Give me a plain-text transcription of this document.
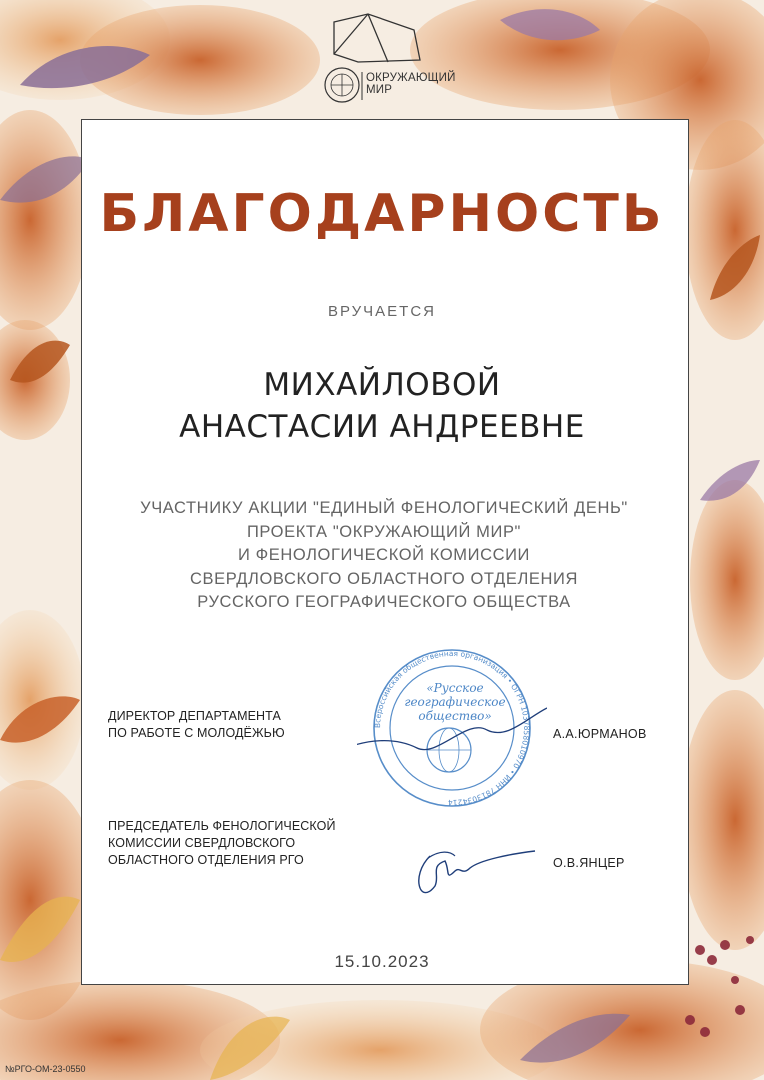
ОКРУЖАЮЩИЙ
МИР
БЛАГОДАРНОСТЬ
ВРУЧАЕТСЯ
МИХАЙЛОВОЙ
АНАСТАСИИ АНДРЕЕВНЕ
УЧАСТНИКУ АКЦИИ "ЕДИНЫЙ ФЕНОЛОГИЧЕСКИЙ ДЕНЬ"
ПРОЕКТА "ОКРУЖАЮЩИЙ МИР"
И ФЕНОЛОГИЧЕСКОЙ КОМИССИИ
СВЕРДЛОВСКОГО ОБЛАСТНОГО ОТДЕЛЕНИЯ
РУССКОГО ГЕОГРАФИЧЕСКОГО ОБЩЕСТВА
Всероссийская общественная организация • ОГРН 1037858010970 • ИНН 7813034214
«Русское
географическое
общество»
ДИРЕКТОР ДЕПАРТАМЕНТА
ПО РАБОТЕ С МОЛОДЁЖЬЮ	А.А.ЮРМАНОВ
ПРЕДСЕДАТЕЛЬ ФЕНОЛОГИЧЕСКОЙ
КОМИССИИ СВЕРДЛОВСКОГО
ОБЛАСТНОГО ОТДЕЛЕНИЯ РГО	О.В.ЯНЦЕР
15.10.2023
№РГО-ОМ-23-0550
